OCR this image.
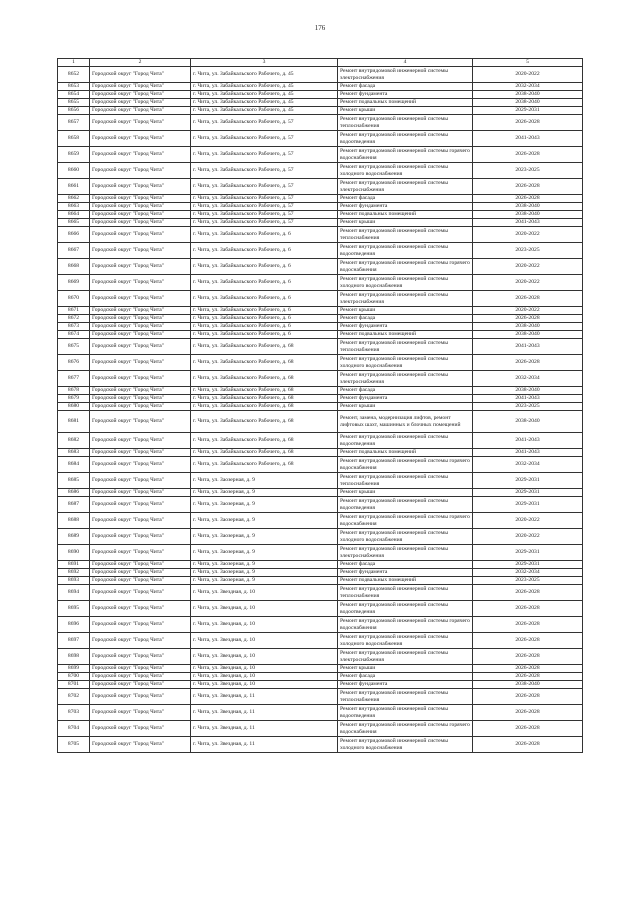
176
1	2	3	4	5
8652	Городской округ "Город Чита"	г. Чита, ул. Забайкальского Рабочего, д. 45	Ремонт внутридомовой инженерной системы электроснабжения	2020-2022
8653	Городской округ "Город Чита"	г. Чита, ул. Забайкальского Рабочего, д. 45	Ремонт фасада	2032-2034
8654	Городской округ "Город Чита"	г. Чита, ул. Забайкальского Рабочего, д. 45	Ремонт фундамента	2038-2040
8655	Городской округ "Город Чита"	г. Чита, ул. Забайкальского Рабочего, д. 45	Ремонт подвальных помещений	2038-2040
8656	Городской округ "Город Чита"	г. Чита, ул. Забайкальского Рабочего, д. 45	Ремонт крыши	2029-2031
8657	Городской округ "Город Чита"	г. Чита, ул. Забайкальского Рабочего, д. 57	Ремонт внутридомовой инженерной системы теплоснабжения	2026-2028
8658	Городской округ "Город Чита"	г. Чита, ул. Забайкальского Рабочего, д. 57	Ремонт внутридомовой инженерной системы водоотведения	2041-2043
8659	Городской округ "Город Чита"	г. Чита, ул. Забайкальского Рабочего, д. 57	Ремонт внутридомовой инженерной системы горячего водоснабжения	2026-2028
8660	Городской округ "Город Чита"	г. Чита, ул. Забайкальского Рабочего, д. 57	Ремонт внутридомовой инженерной системы холодного водоснабжения	2023-2025
8661	Городской округ "Город Чита"	г. Чита, ул. Забайкальского Рабочего, д. 57	Ремонт внутридомовой инженерной системы электроснабжения	2026-2028
8662	Городской округ "Город Чита"	г. Чита, ул. Забайкальского Рабочего, д. 57	Ремонт фасада	2026-2028
8663	Городской округ "Город Чита"	г. Чита, ул. Забайкальского Рабочего, д. 57	Ремонт фундамента	2038-2040
8664	Городской округ "Город Чита"	г. Чита, ул. Забайкальского Рабочего, д. 57	Ремонт подвальных помещений	2038-2040
8665	Городской округ "Город Чита"	г. Чита, ул. Забайкальского Рабочего, д. 57	Ремонт крыши	2041-2043
8666	Городской округ "Город Чита"	г. Чита, ул. Забайкальского Рабочего, д. 6	Ремонт внутридомовой инженерной системы теплоснабжения	2020-2022
8667	Городской округ "Город Чита"	г. Чита, ул. Забайкальского Рабочего, д. 6	Ремонт внутридомовой инженерной системы водоотведения	2023-2025
8668	Городской округ "Город Чита"	г. Чита, ул. Забайкальского Рабочего, д. 6	Ремонт внутридомовой инженерной системы горячего водоснабжения	2020-2022
8669	Городской округ "Город Чита"	г. Чита, ул. Забайкальского Рабочего, д. 6	Ремонт внутридомовой инженерной системы холодного водоснабжения	2020-2022
8670	Городской округ "Город Чита"	г. Чита, ул. Забайкальского Рабочего, д. 6	Ремонт внутридомовой инженерной системы электроснабжения	2026-2028
8671	Городской округ "Город Чита"	г. Чита, ул. Забайкальского Рабочего, д. 6	Ремонт крыши	2020-2022
8672	Городской округ "Город Чита"	г. Чита, ул. Забайкальского Рабочего, д. 6	Ремонт фасада	2026-2028
8673	Городской округ "Город Чита"	г. Чита, ул. Забайкальского Рабочего, д. 6	Ремонт фундамента	2038-2040
8674	Городской округ "Город Чита"	г. Чита, ул. Забайкальского Рабочего, д. 6	Ремонт подвальных помещений	2038-2040
8675	Городской округ "Город Чита"	г. Чита, ул. Забайкальского Рабочего, д. 68	Ремонт внутридомовой инженерной системы теплоснабжения	2041-2043
8676	Городской округ "Город Чита"	г. Чита, ул. Забайкальского Рабочего, д. 68	Ремонт внутридомовой инженерной системы холодного водоснабжения	2026-2028
8677	Городской округ "Город Чита"	г. Чита, ул. Забайкальского Рабочего, д. 68	Ремонт внутридомовой инженерной системы электроснабжения	2032-2034
8678	Городской округ "Город Чита"	г. Чита, ул. Забайкальского Рабочего, д. 68	Ремонт фасада	2038-2040
8679	Городской округ "Город Чита"	г. Чита, ул. Забайкальского Рабочего, д. 68	Ремонт фундамента	2041-2043
8680	Городской округ "Город Чита"	г. Чита, ул. Забайкальского Рабочего, д. 68	Ремонт крыши	2023-2025
8681	Городской округ "Город Чита"	г. Чита, ул. Забайкальского Рабочего, д. 68	Ремонт, замена, модернизация лифтов, ремонт лифтовых шахт, машинных и блочных помещений	2038-2040
8682	Городской округ "Город Чита"	г. Чита, ул. Забайкальского Рабочего, д. 68	Ремонт внутридомовой инженерной системы водоотведения	2041-2043
8683	Городской округ "Город Чита"	г. Чита, ул. Забайкальского Рабочего, д. 68	Ремонт подвальных помещений	2041-2043
8684	Городской округ "Город Чита"	г. Чита, ул. Забайкальского Рабочего, д. 68	Ремонт внутридомовой инженерной системы горячего водоснабжения	2032-2034
8685	Городской округ "Город Чита"	г. Чита, ул. Заозерная, д. 9	Ремонт внутридомовой инженерной системы теплоснабжения	2029-2031
8686	Городской округ "Город Чита"	г. Чита, ул. Заозерная, д. 9	Ремонт крыши	2029-2031
8687	Городской округ "Город Чита"	г. Чита, ул. Заозерная, д. 9	Ремонт внутридомовой инженерной системы водоотведения	2029-2031
8688	Городской округ "Город Чита"	г. Чита, ул. Заозерная, д. 9	Ремонт внутридомовой инженерной системы горячего водоснабжения	2020-2022
8689	Городской округ "Город Чита"	г. Чита, ул. Заозерная, д. 9	Ремонт внутридомовой инженерной системы холодного водоснабжения	2020-2022
8690	Городской округ "Город Чита"	г. Чита, ул. Заозерная, д. 9	Ремонт внутридомовой инженерной системы электроснабжения	2029-2031
8691	Городской округ "Город Чита"	г. Чита, ул. Заозерная, д. 9	Ремонт фасада	2029-2031
8692	Городской округ "Город Чита"	г. Чита, ул. Заозерная, д. 9	Ремонт фундамента	2032-2034
8693	Городской округ "Город Чита"	г. Чита, ул. Заозерная, д. 9	Ремонт подвальных помещений	2023-2025
8694	Городской округ "Город Чита"	г. Чита, ул. Звездная, д. 10	Ремонт внутридомовой инженерной системы теплоснабжения	2026-2028
8695	Городской округ "Город Чита"	г. Чита, ул. Звездная, д. 10	Ремонт внутридомовой инженерной системы водоотведения	2026-2028
8696	Городской округ "Город Чита"	г. Чита, ул. Звездная, д. 10	Ремонт внутридомовой инженерной системы горячего водоснабжения	2026-2028
8697	Городской округ "Город Чита"	г. Чита, ул. Звездная, д. 10	Ремонт внутридомовой инженерной системы холодного водоснабжения	2026-2028
8698	Городской округ "Город Чита"	г. Чита, ул. Звездная, д. 10	Ремонт внутридомовой инженерной системы электроснабжения	2026-2028
8699	Городской округ "Город Чита"	г. Чита, ул. Звездная, д. 10	Ремонт крыши	2026-2028
8700	Городской округ "Город Чита"	г. Чита, ул. Звездная, д. 10	Ремонт фасада	2026-2028
8701	Городской округ "Город Чита"	г. Чита, ул. Звездная, д. 10	Ремонт фундамента	2038-2040
8702	Городской округ "Город Чита"	г. Чита, ул. Звездная, д. 11	Ремонт внутридомовой инженерной системы теплоснабжения	2026-2028
8703	Городской округ "Город Чита"	г. Чита, ул. Звездная, д. 11	Ремонт внутридомовой инженерной системы водоотведения	2026-2028
8704	Городской округ "Город Чита"	г. Чита, ул. Звездная, д. 11	Ремонт внутридомовой инженерной системы горячего водоснабжения	2026-2028
8705	Городской округ "Город Чита"	г. Чита, ул. Звездная, д. 11	Ремонт внутридомовой инженерной системы холодного водоснабжения	2026-2028
